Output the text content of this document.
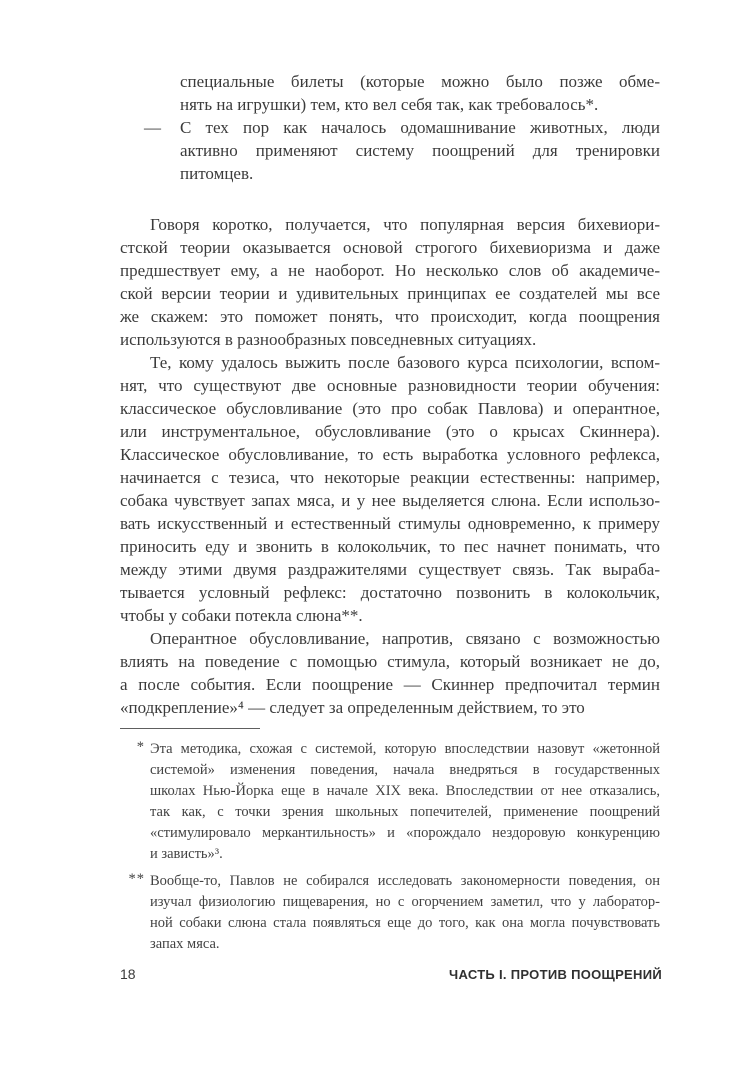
специальные билеты (которые можно было позже обме-
нять на игрушки) тем, кто вел себя так, как требовалось*.
— С тех пор как началось одомашнивание животных, люди
активно применяют систему поощрений для тренировки
питомцев.
Говоря коротко, получается, что популярная версия бихевиори-
стской теории оказывается основой строгого бихевиоризма и даже
предшествует ему, а не наоборот. Но несколько слов об академиче-
ской версии теории и удивительных принципах ее создателей мы все
же скажем: это поможет понять, что происходит, когда поощрения
используются в разнообразных повседневных ситуациях.
Те, кому удалось выжить после базового курса психологии, вспом-
нят, что существуют две основные разновидности теории обучения:
классическое обусловливание (это про собак Павлова) и оперантное,
или инструментальное, обусловливание (это о крысах Скиннера).
Классическое обусловливание, то есть выработка условного рефлекса,
начинается с тезиса, что некоторые реакции естественны: например,
собака чувствует запах мяса, и у нее выделяется слюна. Если использо-
вать искусственный и естественный стимулы одновременно, к примеру
приносить еду и звонить в колокольчик, то пес начнет понимать, что
между этими двумя раздражителями существует связь. Так выраба-
тывается условный рефлекс: достаточно позвонить в колокольчик,
чтобы у собаки потекла слюна**.
Оперантное обусловливание, напротив, связано с возможностью
влиять на поведение с помощью стимула, который возникает не до,
а после события. Если поощрение — Скиннер предпочитал термин
«подкрепление»⁴ — следует за определенным действием, то это
* Эта методика, схожая с системой, которую впоследствии назовут «жетонной
системой» изменения поведения, начала внедряться в государственных
школах Нью-Йорка еще в начале XIX века. Впоследствии от нее отказались,
так как, с точки зрения школьных попечителей, применение поощрений
«стимулировало меркантильность» и «порождало нездоровую конкуренцию
и зависть»³.
** Вообще-то, Павлов не собирался исследовать закономерности поведения, он
изучал физиологию пищеварения, но с огорчением заметил, что у лаборатор-
ной собаки слюна стала появляться еще до того, как она могла почувствовать
запах мяса.
18	ЧАСТЬ I. ПРОТИВ ПООЩРЕНИЙ
